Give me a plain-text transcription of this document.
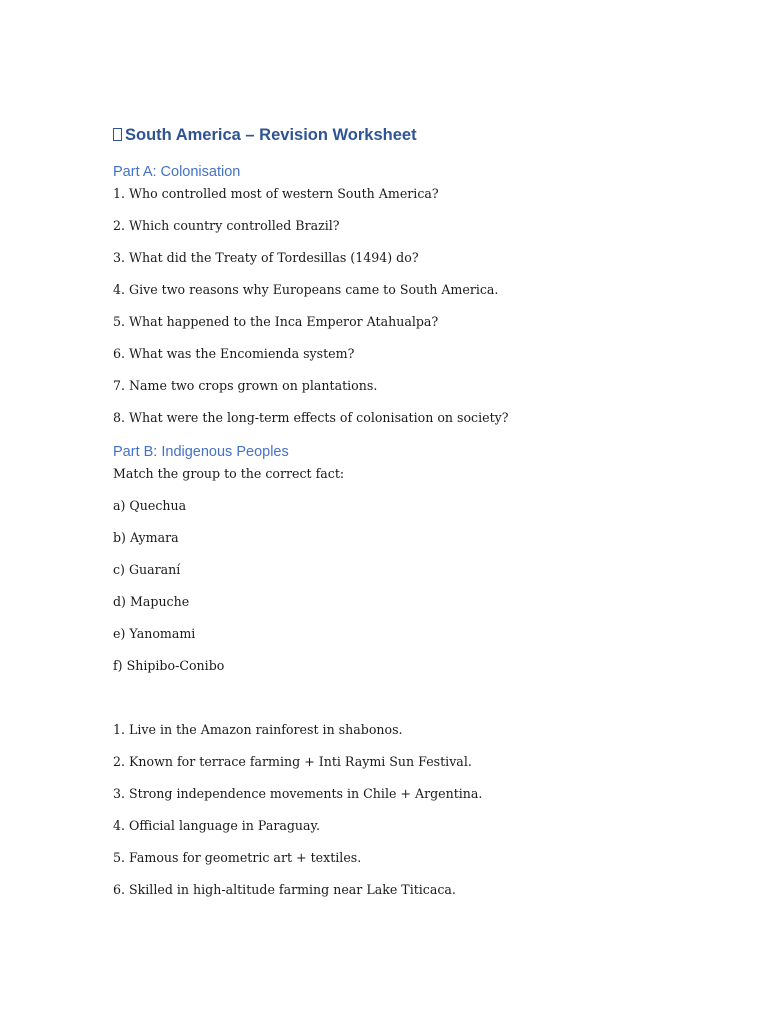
South America – Revision Worksheet
Part A: Colonisation
1. Who controlled most of western South America?
2. Which country controlled Brazil?
3. What did the Treaty of Tordesillas (1494) do?
4. Give two reasons why Europeans came to South America.
5. What happened to the Inca Emperor Atahualpa?
6. What was the Encomienda system?
7. Name two crops grown on plantations.
8. What were the long-term effects of colonisation on society?
Part B: Indigenous Peoples
Match the group to the correct fact:
a) Quechua
b) Aymara
c) Guaraní
d) Mapuche
e) Yanomami
f) Shipibo-Conibo
1. Live in the Amazon rainforest in shabonos.
2. Known for terrace farming + Inti Raymi Sun Festival.
3. Strong independence movements in Chile + Argentina.
4. Official language in Paraguay.
5. Famous for geometric art + textiles.
6. Skilled in high-altitude farming near Lake Titicaca.
